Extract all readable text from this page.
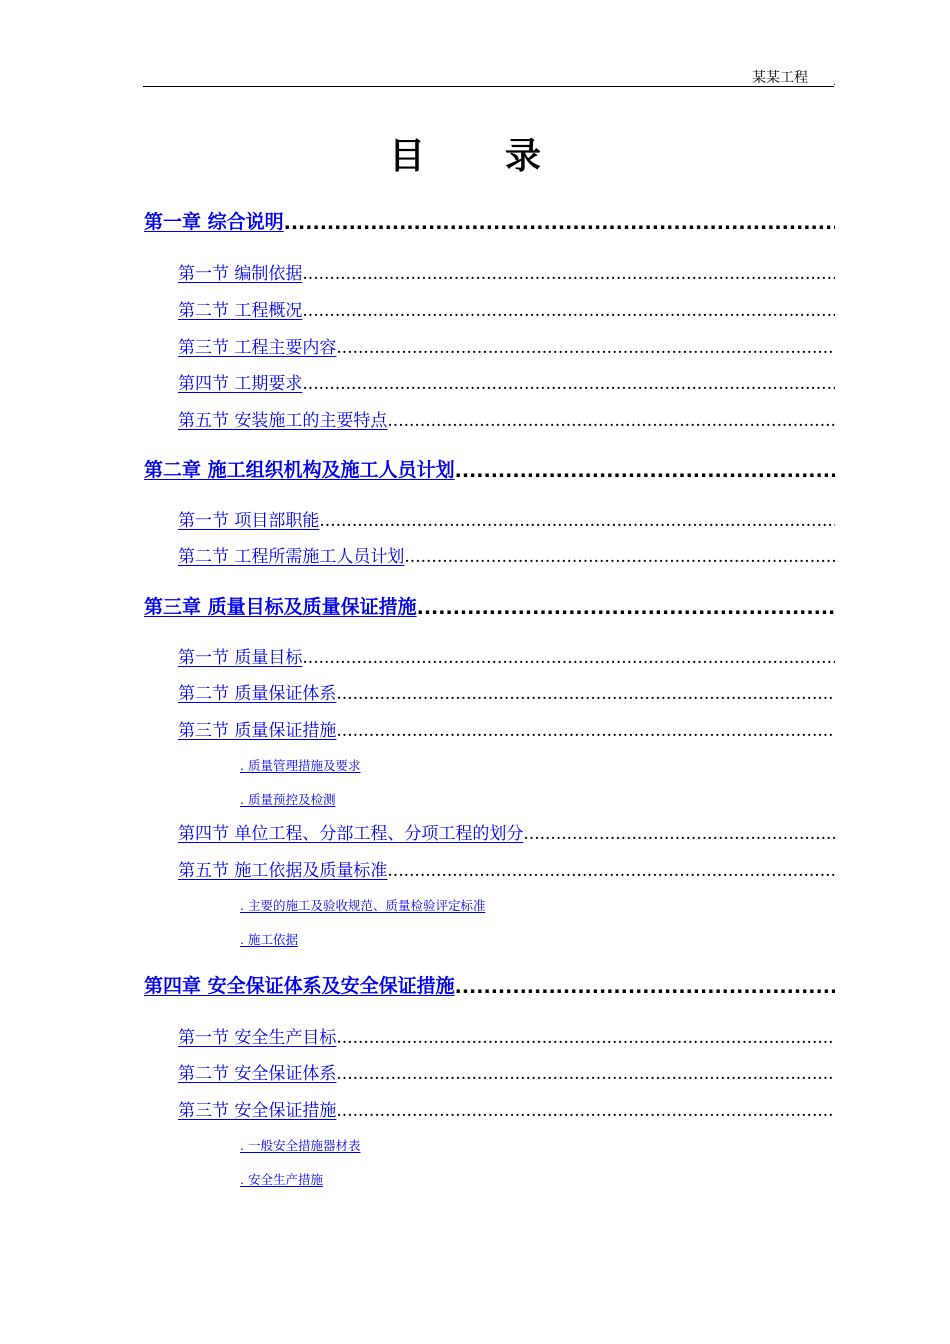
某某工程	.
目录
第一章 综合说明
.....
第一节 编制依据
.....
第二节 工程概况
.....
第三节 工程主要内容
.....
第四节 工期要求
.....
第五节 安装施工的主要特点
.....
第二章 施工组织机构及施工人员计划
.....
第一节 项目部职能
.....
第二节 工程所需施工人员计划
.....
第三章 质量目标及质量保证措施
.....
第一节 质量目标
.....
第二节 质量保证体系
.....
第三节 质量保证措施
.....
. 质量管理措施及要求
. 质量预控及检测
第四节 单位工程、分部工程、分项工程的划分
.....
第五节 施工依据及质量标准
.....
. 主要的施工及验收规范、质量检验评定标准
. 施工依据
第四章 安全保证体系及安全保证措施
.....
第一节 安全生产目标
.....
第二节 安全保证体系
.....
第三节 安全保证措施
.....
. 一般安全措施器材表
. 安全生产措施
